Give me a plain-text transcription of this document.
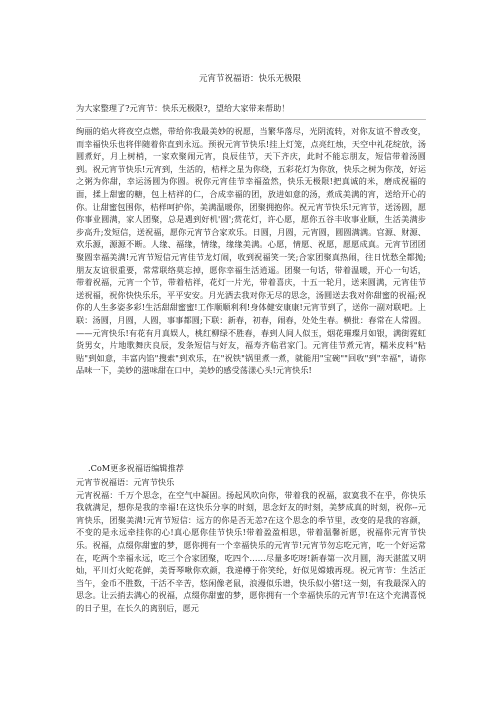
元宵节祝福语：快乐无极限
为大家整理了?元宵节：快乐无极限?，望给大家带来帮助！

绚丽的焰火将夜空点燃，带给你我最美妙的祝愿，当繁华落尽，光阴流转，对你友谊不曾改变，而幸福快乐也将伴随着你直到永远。预祝元宵节快乐!挂上灯笼，点亮红烛，天空中礼花绽放，汤圆煮好，月上树梢，一家欢聚闹元宵，良辰佳节，天下齐庆，此时不能忘朋友，短信带着汤圆到。祝元宵节快乐!元宵到，生活的，桔样之星为你绕，五彩花灯为你放，快乐之树为你茂，好运之粥为你甜，幸运汤圆为你圆。祝你元宵佳节幸福盈然，快乐无极限!把真诚的米，磨成祝福的面，揉上甜蜜的糖，包上桔祥的仁，合成幸福的团，放进如意的汤，煮成美满的宵，送给开心的你。让甜蜜包围你，桔样呵护你，美满温暖你，团聚拥抱你。祝元宵节快乐!元宵节，送汤圆，愿你事业圆满，家人团聚，总是遇到好机'圆';赏花灯，许心愿，愿你五谷丰收事业顺，生活美满步步高升;发短信，送祝福，愿你元宵节合家欢乐。日圆，月圆，元宵圆，圆圆满满。官源、财源、欢乐源，源源不断。人缘、福缘，情缘，缘缘美满。心愿，情愿、祝愿，愿愿成真。元宵节团团聚圆幸福美满!元宵节短信元宵佳节龙灯闹，收到祝福笑一笑;合家团聚真热闹，往日忧愁全都抛;朋友友谊很重要，常常联络莫忘掉，愿你幸福生活逍遥。团聚一句话，带着温暖，开心一句话，带着祝福，元宵一个节，带着桔祥，花灯一片光，带着喜庆，十五一轮月，送来圆满，元宵佳节送祝福，祝你快快乐乐，平平安安。月光洒去我对你无尽的思念，汤圆送去我对你甜蜜的祝福;祝你的人生多姿多彩!生活甜甜蜜蜜!工作顺顺利利!身体健安康康!元宵节到了，送你一副对联吧。上联：汤圆，月圆，人圆，事事都圆;下联：新春，初春，闹春，处处生春。横批：春常在人常圆。——元宵快乐!有花有月真娱人，桃红柳绿不胜春，春到人间人似玉，烟花璀璨月如银，满街霓虹货男女，片地歌舞庆良辰，发条短信与好友，福寿齐临君家门。元宵佳节煮元宵，糯米皮料"粘贴"到如意，丰富内馅"搜索"到欢乐，在"祝铁"锅里煮一煮，就能用"宝碗""回收"到"幸福"，请你品味一下，美妙的滋味甜在口中，美妙的感受荡漾心头!元宵快乐!

.CoM更多祝福语编辑推荐

元宵节祝福语：元宵节快乐

元宵祝福：千万个思念，在空气中凝固。扬起风吹向你，带着我的祝福，寂寞我不在乎，你快乐我就满足，想你是我的幸福!在这快乐分享的时刻，思念好友的时刻，美梦成真的时刻，祝你--元宵快乐，团聚美满!元宵节短信：远方的你是否无恙?在这个思念的季节里，改变的是我的容颜，不变的是永远牵挂你的心!真心愿你佳节快乐!带着盈盈相思，带着温馨祈愿，祝福你元宵节快乐。祝福，点缀你甜蜜的梦，愿你拥有一个幸福快乐的元宵节!元宵节勿忘吃元宵，吃一个好运常在，吃两个幸福永远，吃三个合家团聚，吃四个……尽量多吃呀!新春第一次月圆，海天湛蓝又明灿，平川灯火蛇花鲜，美胥琴啾你欢颜，我递樽于你笑纶，好似见嫦娥再现。祝元宵节：生活正当午，金币不胜数，干活不辛苦，悠闲像老鼠，浪漫似乐谱，快乐似小猪!这一刻，有我最深入的思念。让云捎去满心的祝福，点缀你甜蜜的梦，愿你拥有一个幸福快乐的元宵节!在这个充满喜悦的日子里，在长久的离别后，愿元
